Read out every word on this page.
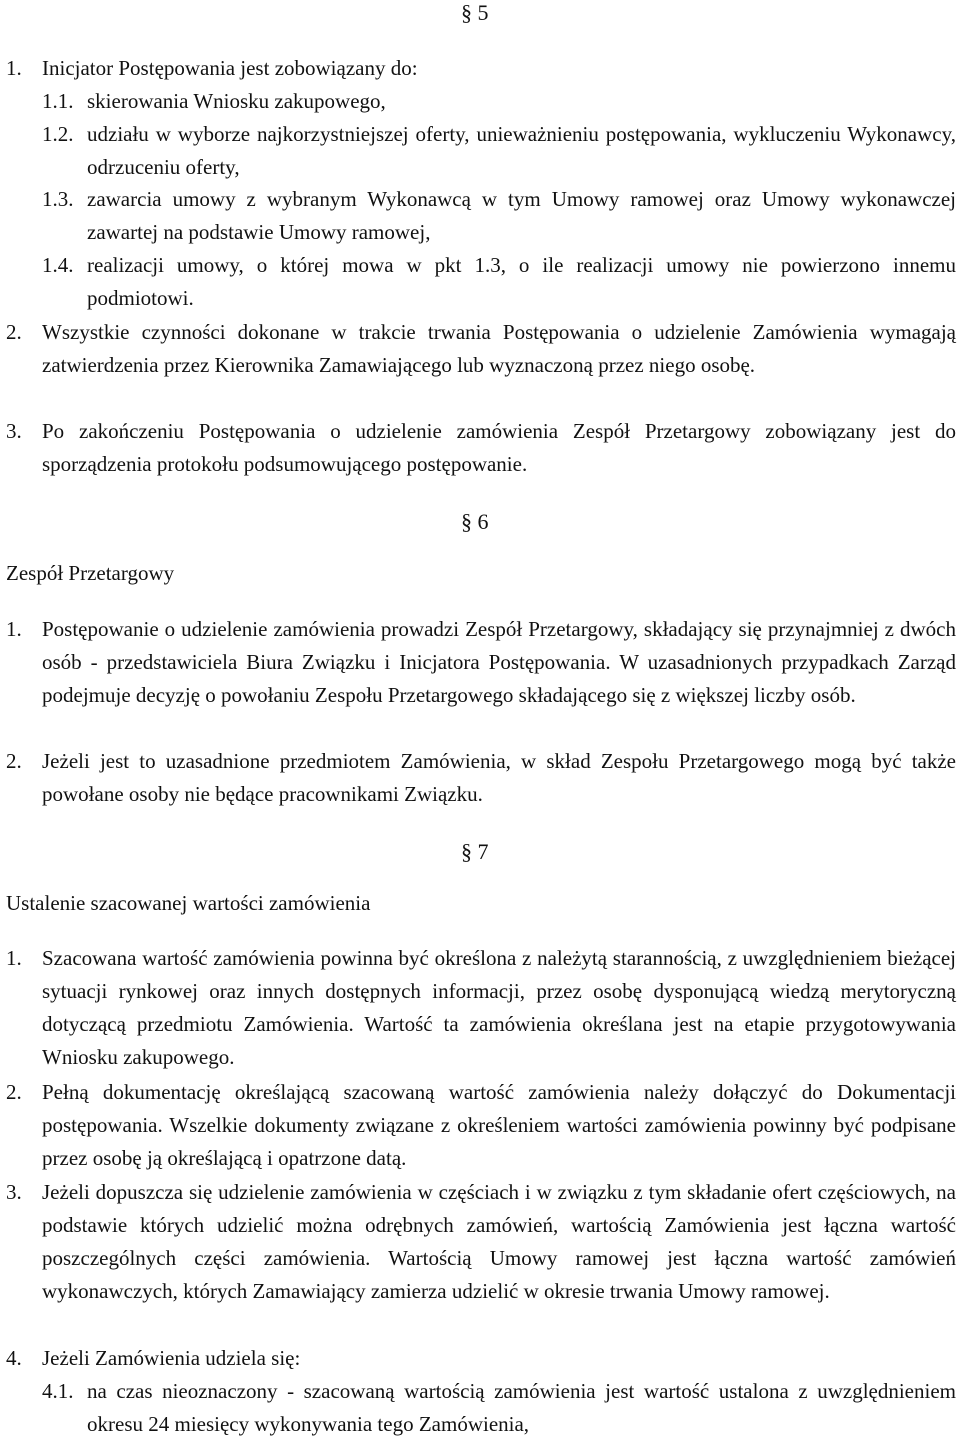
§ 5
1. Inicjator Postępowania jest zobowiązany do:
1.1. skierowania Wniosku zakupowego,
1.2. udziału w wyborze najkorzystniejszej oferty, unieważnieniu postępowania, wykluczeniu Wykonawcy, odrzuceniu oferty,
1.3. zawarcia umowy z wybranym Wykonawcą w tym Umowy ramowej oraz Umowy wykonawczej zawartej na podstawie Umowy ramowej,
1.4. realizacji umowy, o której mowa w pkt 1.3, o ile realizacji umowy nie powierzono innemu podmiotowi.
2. Wszystkie czynności dokonane w trakcie trwania Postępowania o udzielenie Zamówienia wymagają zatwierdzenia przez Kierownika Zamawiającego lub wyznaczoną przez niego osobę.
3. Po zakończeniu Postępowania o udzielenie zamówienia Zespół Przetargowy zobowiązany jest do sporządzenia protokołu podsumowującego postępowanie.
§ 6
Zespół Przetargowy
1. Postępowanie o udzielenie zamówienia prowadzi Zespół Przetargowy, składający się przynajmniej z dwóch osób - przedstawiciela Biura Związku i Inicjatora Postępowania. W uzasadnionych przypadkach Zarząd podejmuje decyzję o powołaniu Zespołu Przetargowego składającego się z większej liczby osób.
2. Jeżeli jest to uzasadnione przedmiotem Zamówienia, w skład Zespołu Przetargowego mogą być także powołane osoby nie będące pracownikami Związku.
§ 7
Ustalenie szacowanej wartości zamówienia
1. Szacowana wartość zamówienia powinna być określona z należytą starannością, z uwzględnieniem bieżącej sytuacji rynkowej oraz innych dostępnych informacji, przez osobę dysponującą wiedzą merytoryczną dotyczącą przedmiotu Zamówienia. Wartość ta zamówienia określana jest na etapie przygotowywania Wniosku zakupowego.
2. Pełną dokumentację określającą szacowaną wartość zamówienia należy dołączyć do Dokumentacji postępowania. Wszelkie dokumenty związane z określeniem wartości zamówienia powinny być podpisane przez osobę ją określającą i opatrzone datą.
3. Jeżeli dopuszcza się udzielenie zamówienia w częściach i w związku z tym składanie ofert częściowych, na podstawie których udzielić można odrębnych zamówień, wartością Zamówienia jest łączna wartość poszczególnych części zamówienia. Wartością Umowy ramowej jest łączna wartość zamówień wykonawczych, których Zamawiający zamierza udzielić w okresie trwania Umowy ramowej.
4. Jeżeli Zamówienia udziela się:
4.1. na czas nieoznaczony - szacowaną wartością zamówienia jest wartość ustalona z uwzględnieniem okresu 24 miesięcy wykonywania tego Zamówienia,
